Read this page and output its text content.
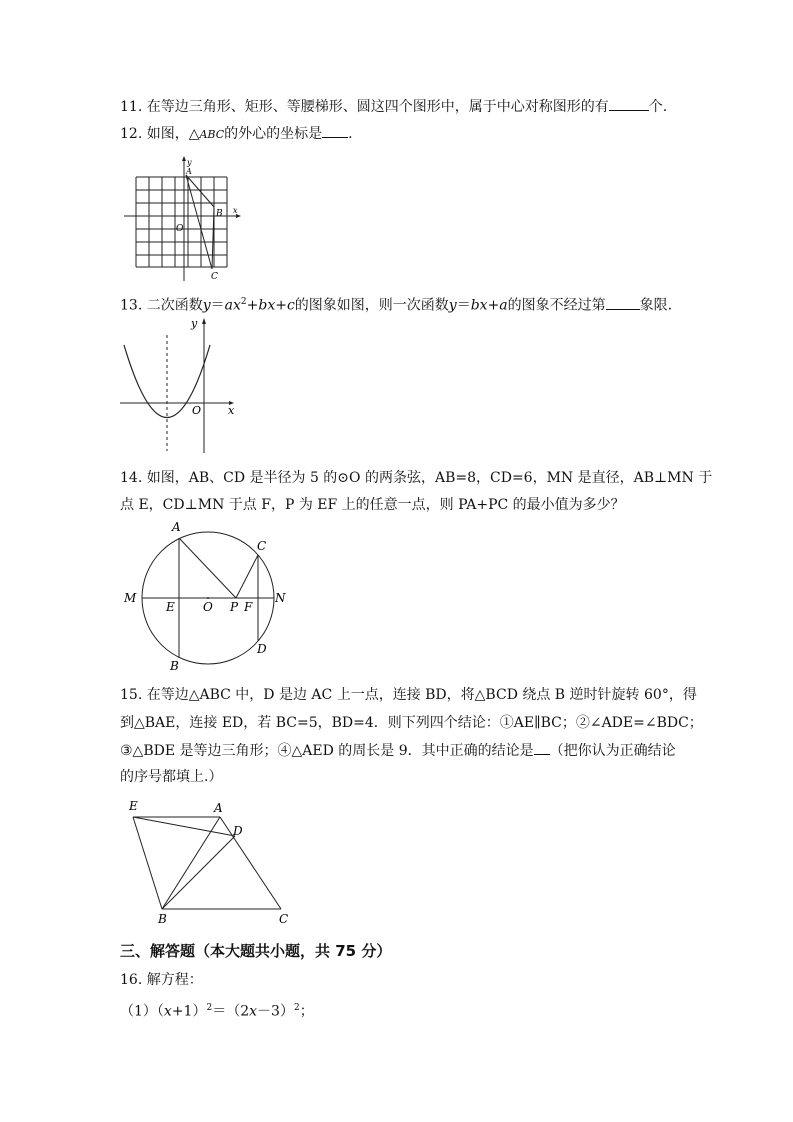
11. 在等边三角形、矩形、等腰梯形、圆这四个图形中，属于中心对称图形的有	个.
12. 如图，△ABC的外心的坐标是 .
y
A
B x
O
C
13. 二次函数$y=ax^2+bx+c$的图象如图，则一次函数y＝bx+a的图象不经过第 象限.
y
O x
14. 如图，AB、CD 是半径为 5 的⊙O 的两条弦，AB=8，CD=6，MN 是直径，AB⊥MN 于
点 E，CD⊥MN 于点 F，P 为 EF 上的任意一点，则 PA+PC 的最小值为多少？
A
C
M	N
E O P F
D
B
15. 在等边△ABC 中，D 是边 AC 上一点，连接 BD，将△BCD 绕点 B 逆时针旋转 60°，得
到△BAE，连接 ED，若 BC=5，BD=4．则下列四个结论：①AE∥BC；②∠ADE=∠BDC；
③△BDE 是等边三角形；④△AED 的周长是 9．其中正确的结论是 （把你认为正确结论
的序号都填上.）
E	A
D
B	C
三、解答题（本大题共小题，共 75 分）
16. 解方程：
$(1)(x+1)^2=(2x-3)^2$；
